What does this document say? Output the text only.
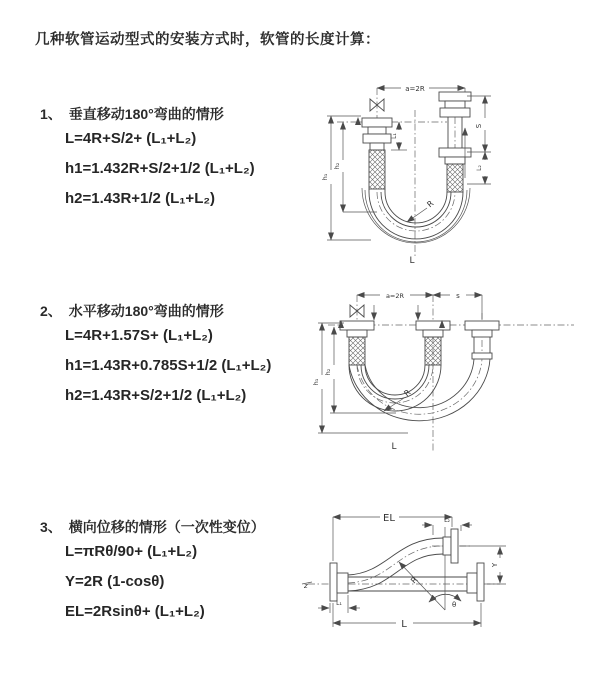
几种软管运动型式的安装方式时，软管的长度计算：
1、 垂直移动180°弯曲的情形
L=4R+S/2+ (L₁+L₂)
h1=1.432R+S/2+1/2 (L₁+L₂)
h2=1.43R+1/2 (L₁+L₂)
2、 水平移动180°弯曲的情形
L=4R+1.57S+ (L₁+L₂)
h1=1.43R+0.785S+1/2 (L₁+L₂)
h2=1.43R+S/2+1/2 (L₁+L₂)
3、 横向位移的情形（一次性变位）
L=πRθ/90+ (L₁+L₂)
Y=2R (1-cosθ)
EL=2Rsinθ+ (L₁+L₂)
a=2R
R
S
L₂
h₁
h₂
L₁
L
a=2R	s
R
h₁
h₂
L
EL	L₂
R
θ
Y
L₁
L
z
